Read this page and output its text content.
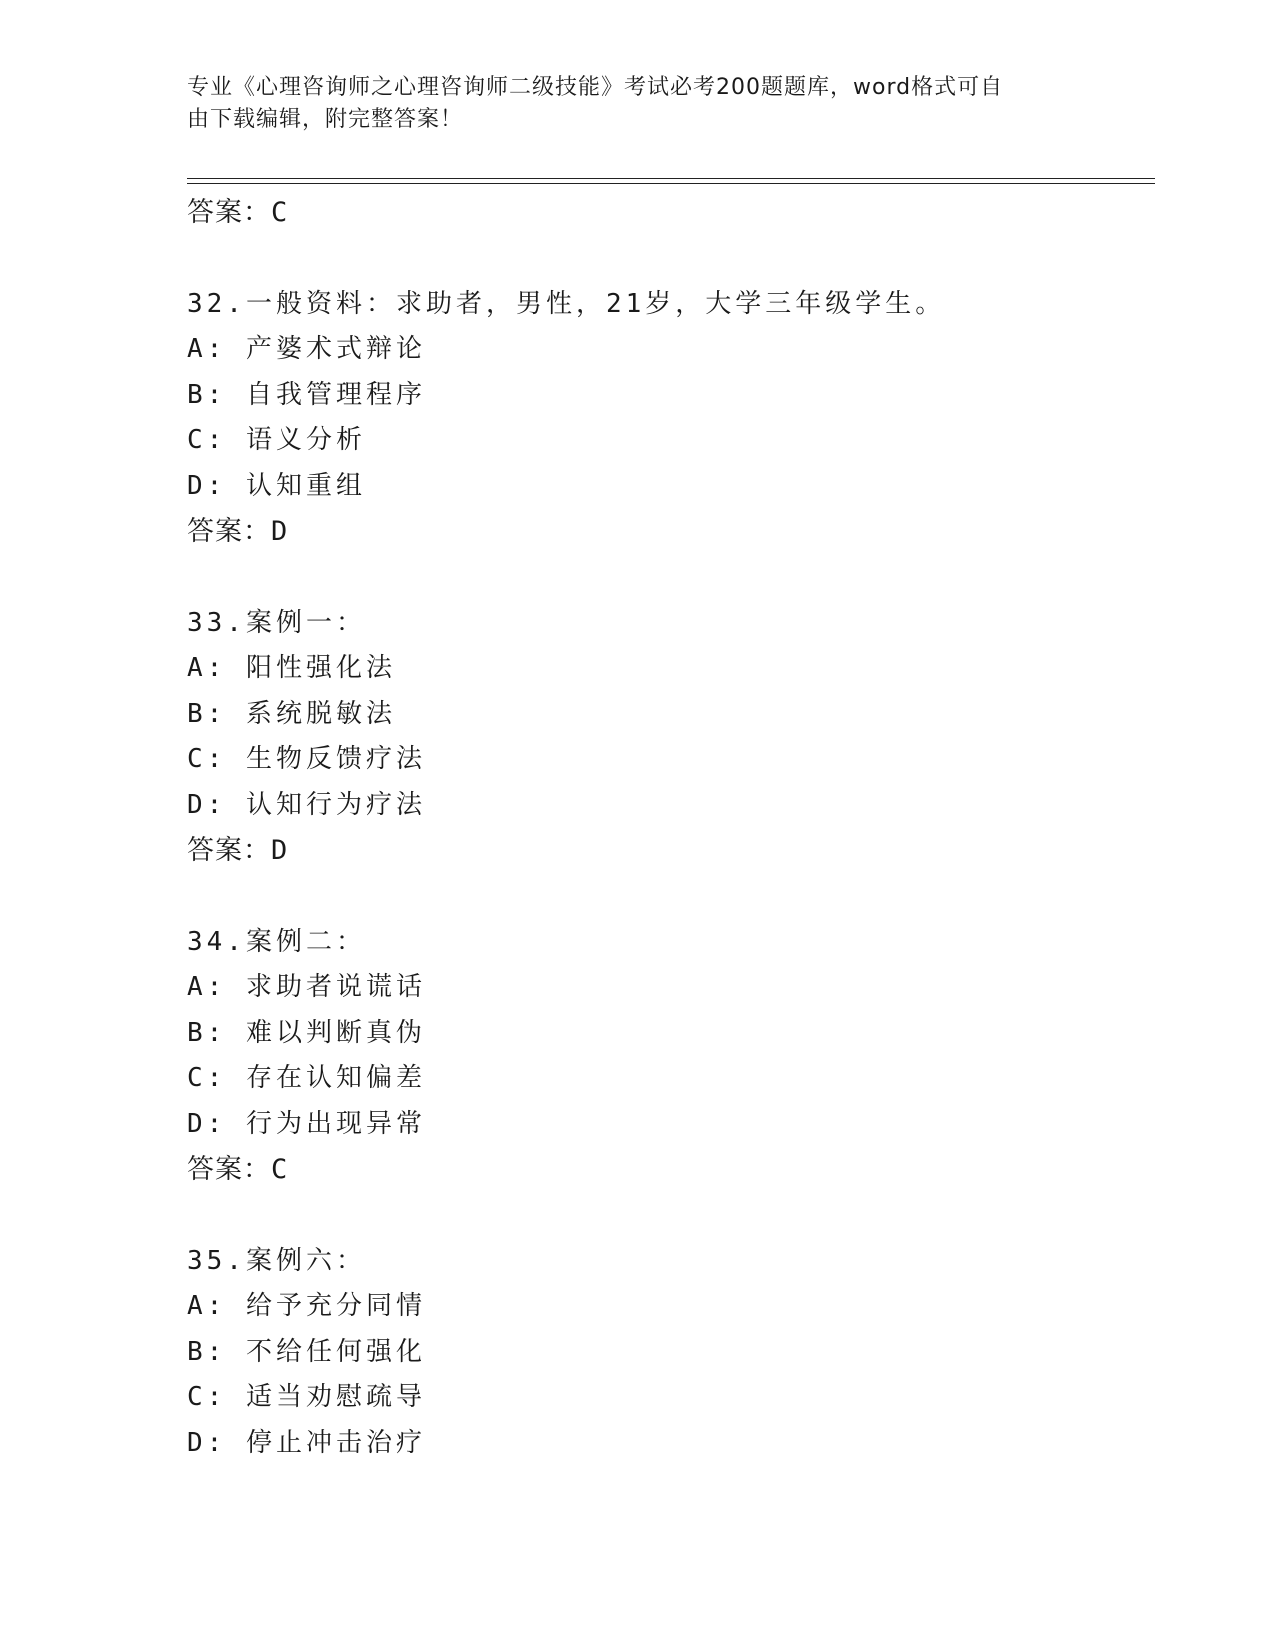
专业《心理咨询师之心理咨询师二级技能》考试必考200题题库，word格式可自
由下载编辑，附完整答案！
答案：C
32.一般资料：求助者，男性，21岁，大学三年级学生。
A: 产婆术式辩论
B: 自我管理程序
C: 语义分析
D: 认知重组
答案：D
33.案例一：
A: 阳性强化法
B: 系统脱敏法
C: 生物反馈疗法
D: 认知行为疗法
答案：D
34.案例二：
A: 求助者说谎话
B: 难以判断真伪
C: 存在认知偏差
D: 行为出现异常
答案：C
35.案例六：
A: 给予充分同情
B: 不给任何强化
C: 适当劝慰疏导
D: 停止冲击治疗
